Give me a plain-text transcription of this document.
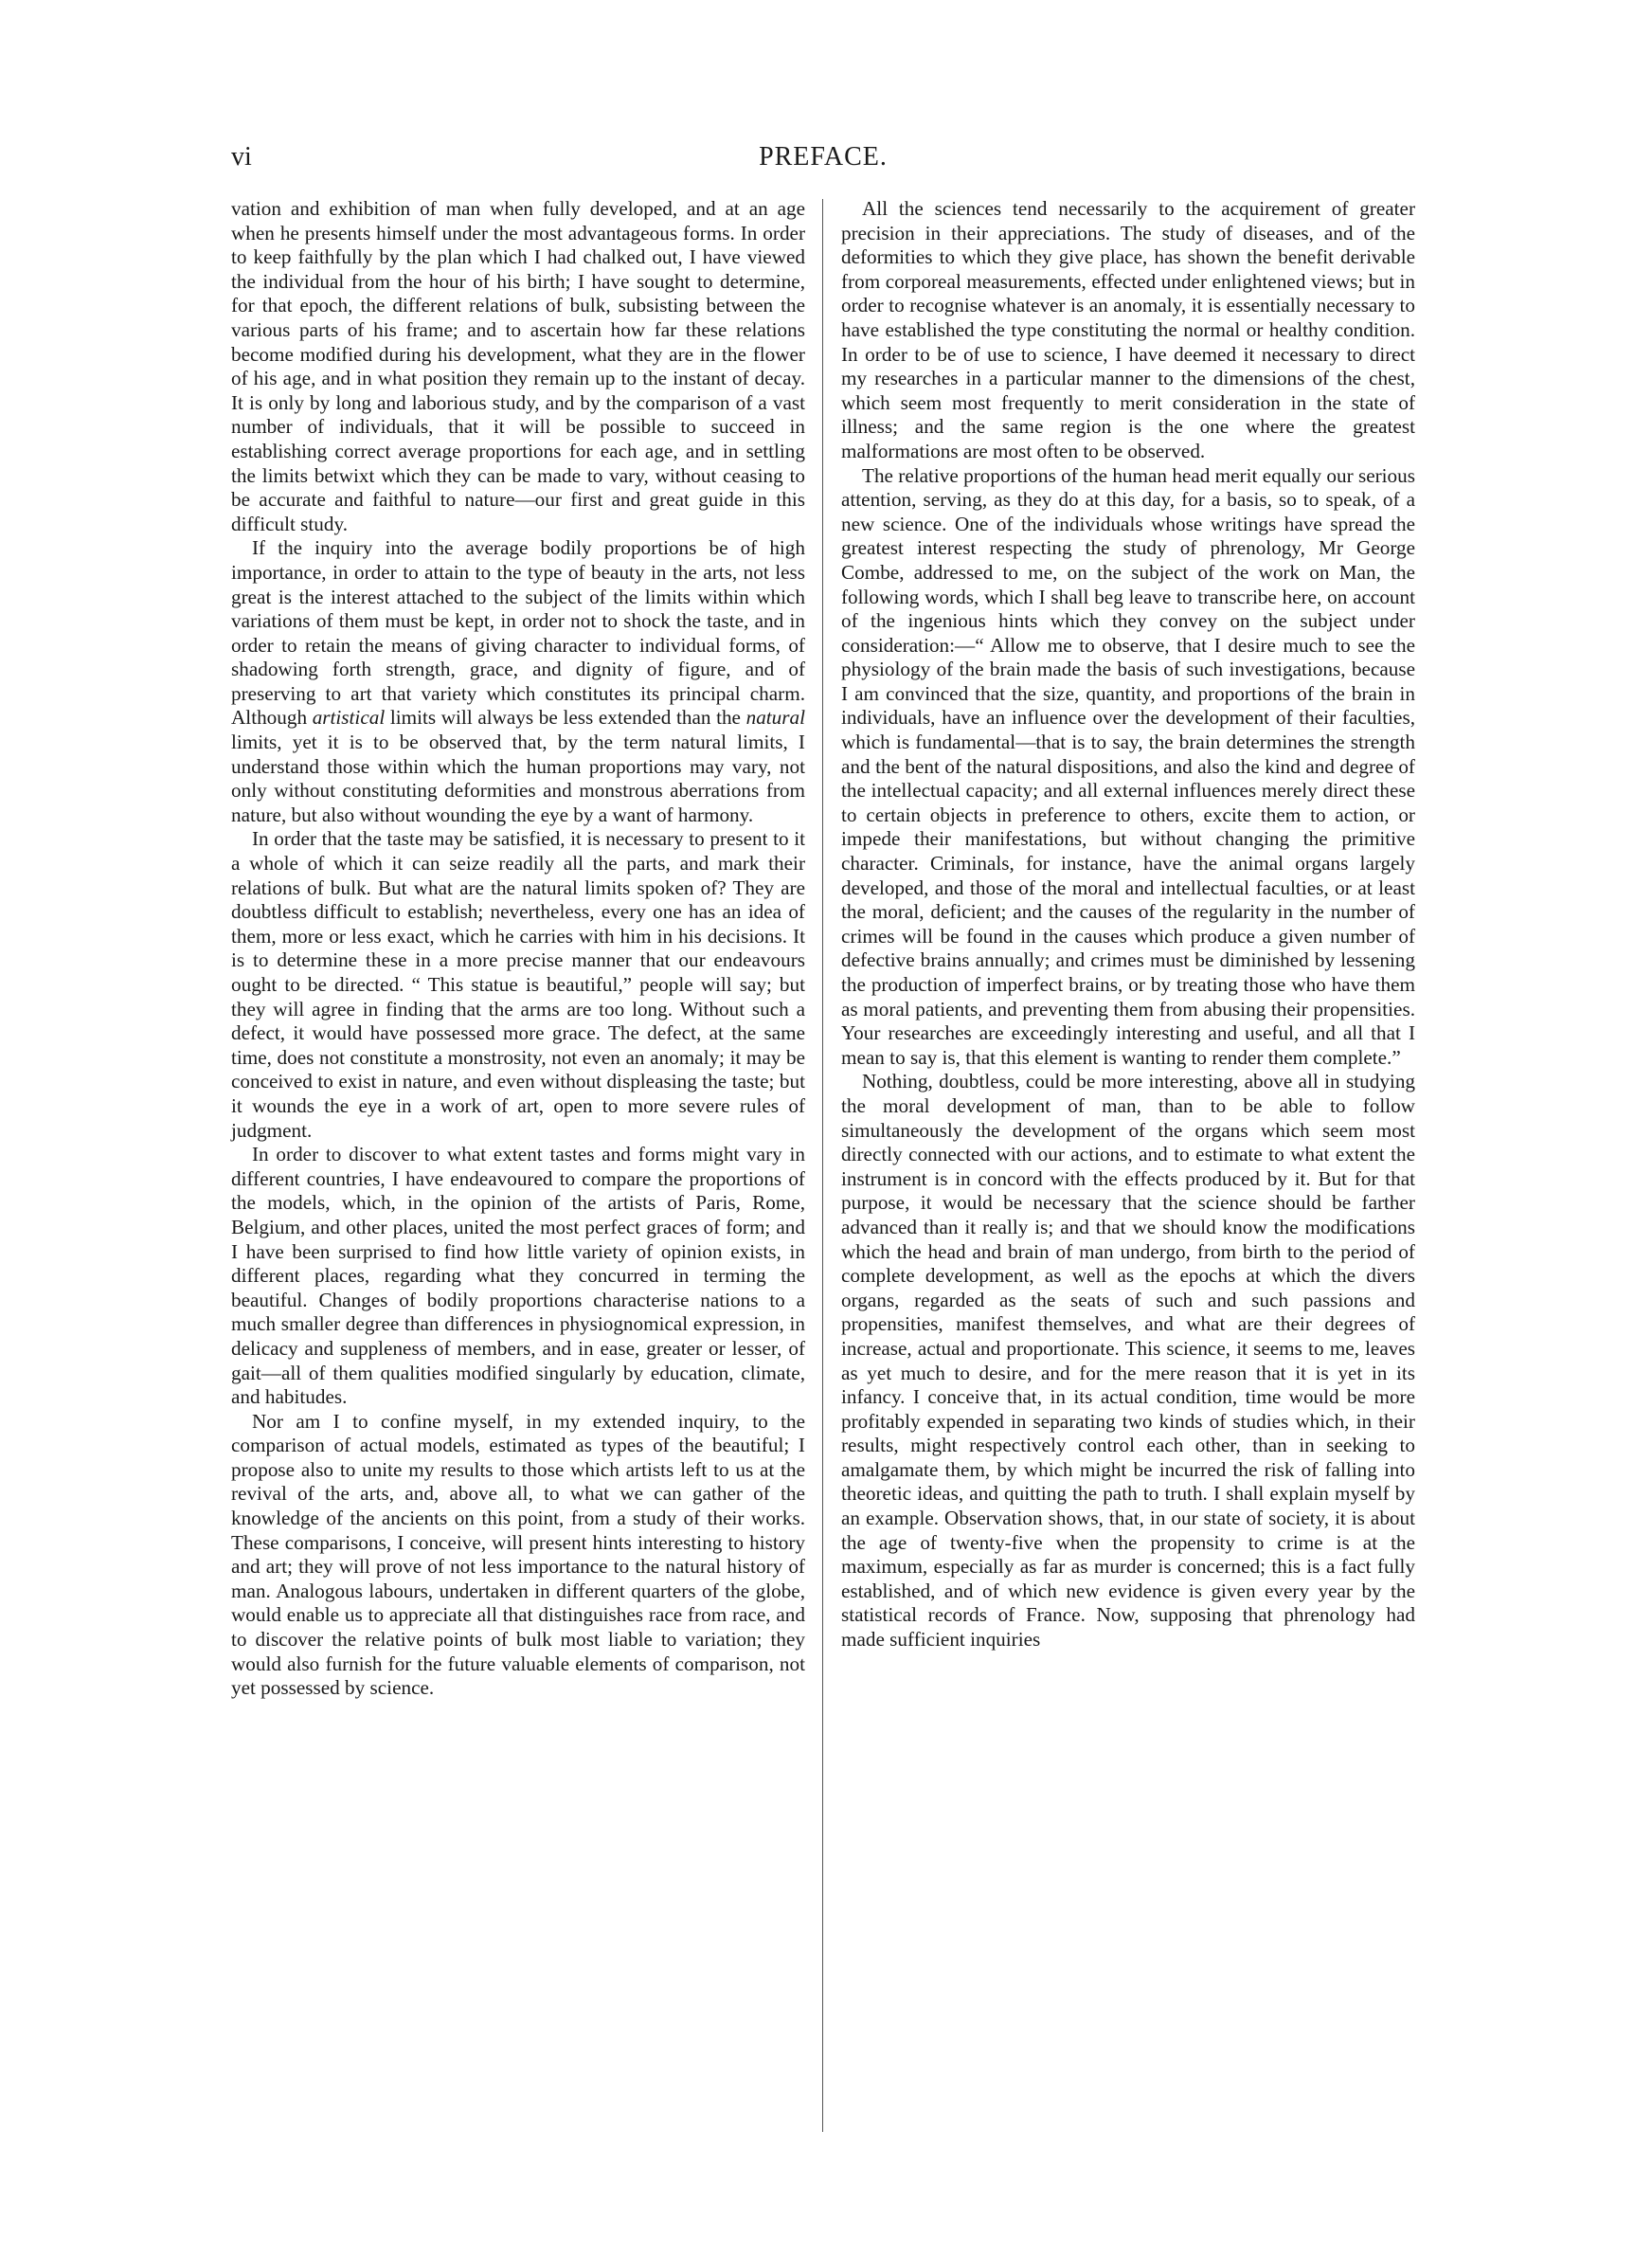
vi	PREFACE.

vation and exhibition of man when fully developed, and at an age when he presents himself under the most advantageous forms. In order to keep faithfully by the plan which I had chalked out, I have viewed the individual from the hour of his birth; I have sought to determine, for that epoch, the different relations of bulk, subsisting between the various parts of his frame; and to ascertain how far these relations become modified during his development, what they are in the flower of his age, and in what position they remain up to the instant of decay. It is only by long and laborious study, and by the comparison of a vast number of individuals, that it will be possible to succeed in establishing correct average proportions for each age, and in settling the limits betwixt which they can be made to vary, without ceasing to be accurate and faithful to nature—our first and great guide in this difficult study.

If the inquiry into the average bodily proportions be of high importance, in order to attain to the type of beauty in the arts, not less great is the interest attached to the subject of the limits within which variations of them must be kept, in order not to shock the taste, and in order to retain the means of giving character to individual forms, of shadowing forth strength, grace, and dignity of figure, and of preserving to art that variety which constitutes its principal charm. Although artistical limits will always be less extended than the natural limits, yet it is to be observed that, by the term natural limits, I understand those within which the human proportions may vary, not only without constituting deformities and monstrous aberrations from nature, but also without wounding the eye by a want of harmony.

In order that the taste may be satisfied, it is necessary to present to it a whole of which it can seize readily all the parts, and mark their relations of bulk. But what are the natural limits spoken of? They are doubtless difficult to establish; nevertheless, every one has an idea of them, more or less exact, which he carries with him in his decisions. It is to determine these in a more precise manner that our endeavours ought to be directed. “ This statue is beautiful,” people will say; but they will agree in finding that the arms are too long. Without such a defect, it would have possessed more grace. The defect, at the same time, does not constitute a monstrosity, not even an anomaly; it may be conceived to exist in nature, and even without displeasing the taste; but it wounds the eye in a work of art, open to more severe rules of judgment.

In order to discover to what extent tastes and forms might vary in different countries, I have endeavoured to compare the proportions of the models, which, in the opinion of the artists of Paris, Rome, Belgium, and other places, united the most perfect graces of form; and I have been surprised to find how little variety of opinion exists, in different places, regarding what they concurred in terming the beautiful. Changes of bodily proportions characterise nations to a much smaller degree than differences in physiognomical expression, in delicacy and suppleness of members, and in ease, greater or lesser, of gait—all of them qualities modified singularly by education, climate, and habitudes.

Nor am I to confine myself, in my extended inquiry, to the comparison of actual models, estimated as types of the beautiful; I propose also to unite my results to those which artists left to us at the revival of the arts, and, above all, to what we can gather of the knowledge of the ancients on this point, from a study of their works. These comparisons, I conceive, will present hints interesting to history and art; they will prove of not less importance to the natural history of man. Analogous labours, undertaken in different quarters of the globe, would enable us to appreciate all that distinguishes race from race, and to discover the relative points of bulk most liable to variation; they would also furnish for the future valuable elements of comparison, not yet possessed by science.

All the sciences tend necessarily to the acquirement of greater precision in their appreciations. The study of diseases, and of the deformities to which they give place, has shown the benefit derivable from corporeal measurements, effected under enlightened views; but in order to recognise whatever is an anomaly, it is essentially necessary to have established the type constituting the normal or healthy condition. In order to be of use to science, I have deemed it necessary to direct my researches in a particular manner to the dimensions of the chest, which seem most frequently to merit consideration in the state of illness; and the same region is the one where the greatest malformations are most often to be observed.

The relative proportions of the human head merit equally our serious attention, serving, as they do at this day, for a basis, so to speak, of a new science. One of the individuals whose writings have spread the greatest interest respecting the study of phrenology, Mr George Combe, addressed to me, on the subject of the work on Man, the following words, which I shall beg leave to transcribe here, on account of the ingenious hints which they convey on the subject under consideration:—“ Allow me to observe, that I desire much to see the physiology of the brain made the basis of such investigations, because I am convinced that the size, quantity, and proportions of the brain in individuals, have an influence over the development of their faculties, which is fundamental—that is to say, the brain determines the strength and the bent of the natural dispositions, and also the kind and degree of the intellectual capacity; and all external influences merely direct these to certain objects in preference to others, excite them to action, or impede their manifestations, but without changing the primitive character. Criminals, for instance, have the animal organs largely developed, and those of the moral and intellectual faculties, or at least the moral, deficient; and the causes of the regularity in the number of crimes will be found in the causes which produce a given number of defective brains annually; and crimes must be diminished by lessening the production of imperfect brains, or by treating those who have them as moral patients, and preventing them from abusing their propensities. Your researches are exceedingly interesting and useful, and all that I mean to say is, that this element is wanting to render them complete.”

Nothing, doubtless, could be more interesting, above all in studying the moral development of man, than to be able to follow simultaneously the development of the organs which seem most directly connected with our actions, and to estimate to what extent the instrument is in concord with the effects produced by it. But for that purpose, it would be necessary that the science should be farther advanced than it really is; and that we should know the modifications which the head and brain of man undergo, from birth to the period of complete development, as well as the epochs at which the divers organs, regarded as the seats of such and such passions and propensities, manifest themselves, and what are their degrees of increase, actual and proportionate. This science, it seems to me, leaves as yet much to desire, and for the mere reason that it is yet in its infancy. I conceive that, in its actual condition, time would be more profitably expended in separating two kinds of studies which, in their results, might respectively control each other, than in seeking to amalgamate them, by which might be incurred the risk of falling into theoretic ideas, and quitting the path to truth. I shall explain myself by an example. Observation shows, that, in our state of society, it is about the age of twenty-five when the propensity to crime is at the maximum, especially as far as murder is concerned; this is a fact fully established, and of which new evidence is given every year by the statistical records of France. Now, supposing that phrenology had made sufficient inquiries
